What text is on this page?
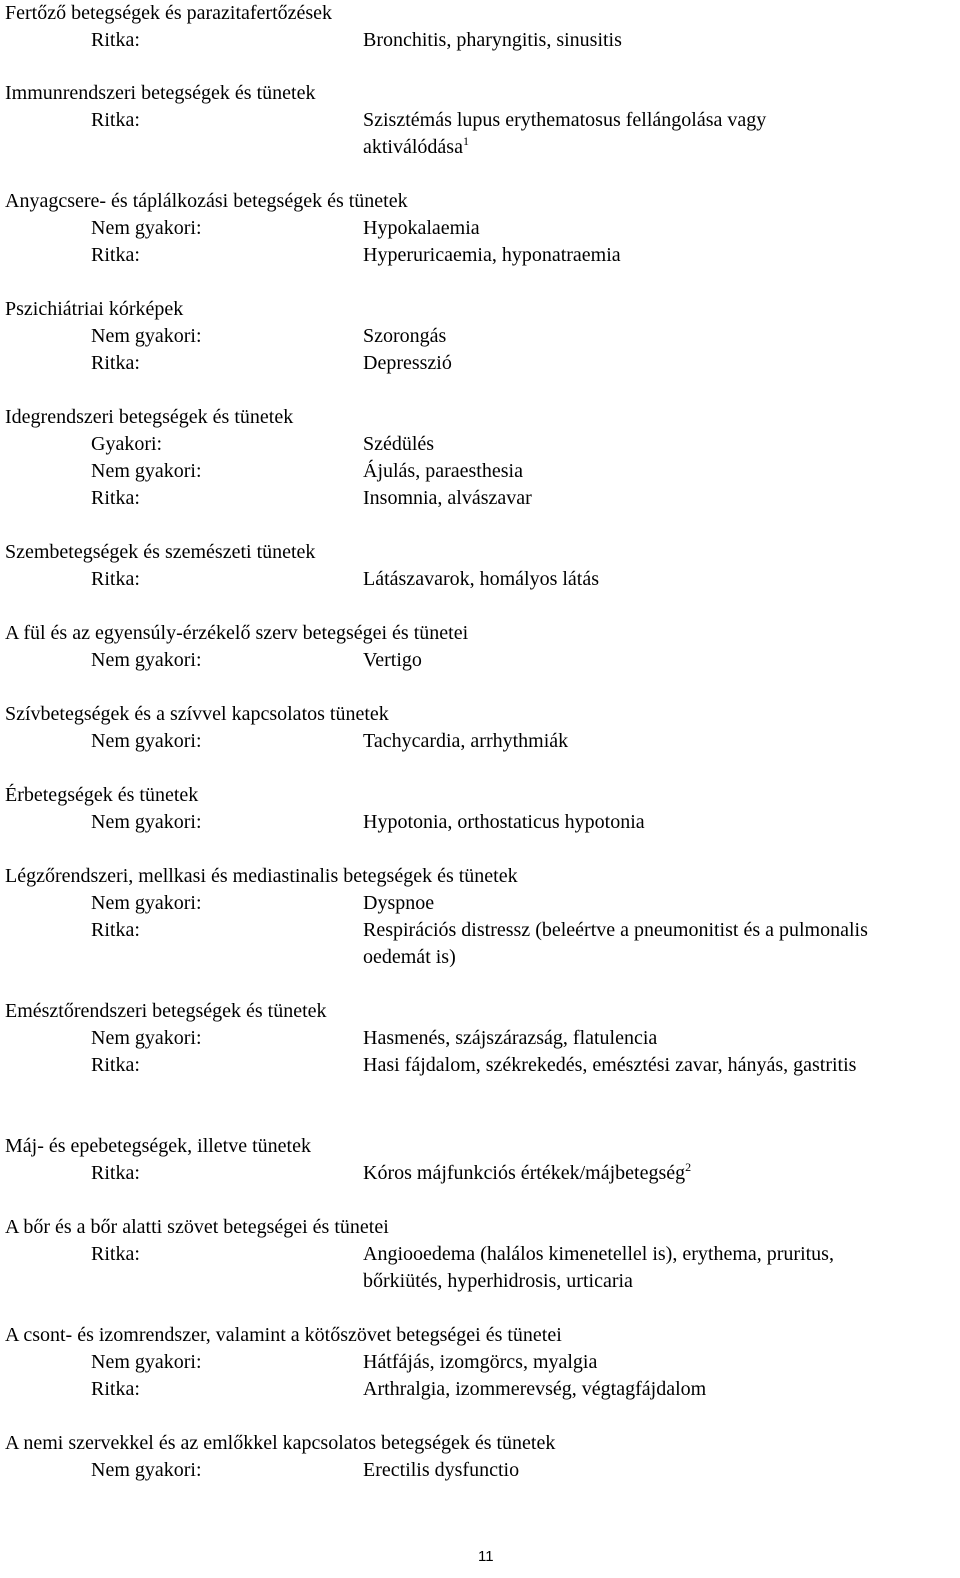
Fertőző betegségek és parazitafertőzések
Ritka:	Bronchitis, pharyngitis, sinusitis
Immunrendszeri betegségek és tünetek
Ritka:	Szisztémás lupus erythematosus fellángolása vagy
aktiválódása$^1$
Anyagcsere- és táplálkozási betegségek és tünetek
Nem gyakori:	Hypokalaemia
Ritka:	Hyperuricaemia, hyponatraemia
Pszichiátriai kórképek
Nem gyakori:	Szorongás
Ritka:	Depresszió
Idegrendszeri betegségek és tünetek
Gyakori:	Szédülés
Nem gyakori:	Ájulás, paraesthesia
Ritka:	Insomnia, alvászavar
Szembetegségek és szemészeti tünetek
Ritka:	Látászavarok, homályos látás
A fül és az egyensúly-érzékelő szerv betegségei és tünetei
Nem gyakori:	Vertigo
Szívbetegségek és a szívvel kapcsolatos tünetek
Nem gyakori:	Tachycardia, arrhythmiák
Érbetegségek és tünetek
Nem gyakori:	Hypotonia, orthostaticus hypotonia
Légzőrendszeri, mellkasi és mediastinalis betegségek és tünetek
Nem gyakori:	Dyspnoe
Ritka:	Respirációs distressz (beleértve a pneumonitist és a pulmonalis
oedemát is)
Emésztőrendszeri betegségek és tünetek
Nem gyakori:	Hasmenés, szájszárazság, flatulencia
Ritka:	Hasi fájdalom, székrekedés, emésztési zavar, hányás, gastritis
Máj- és epebetegségek, illetve tünetek
Ritka:	Kóros májfunkciós értékek/májbetegség$^2$
A bőr és a bőr alatti szövet betegségei és tünetei
Ritka:	Angiooedema (halálos kimenetellel is), erythema, pruritus,
bőrkiütés, hyperhidrosis, urticaria
A csont- és izomrendszer, valamint a kötőszövet betegségei és tünetei
Nem gyakori:	Hátfájás, izomgörcs, myalgia
Ritka:	Arthralgia, izommerevség, végtagfájdalom
A nemi szervekkel és az emlőkkel kapcsolatos betegségek és tünetek
Nem gyakori:	Erectilis dysfunctio
11
